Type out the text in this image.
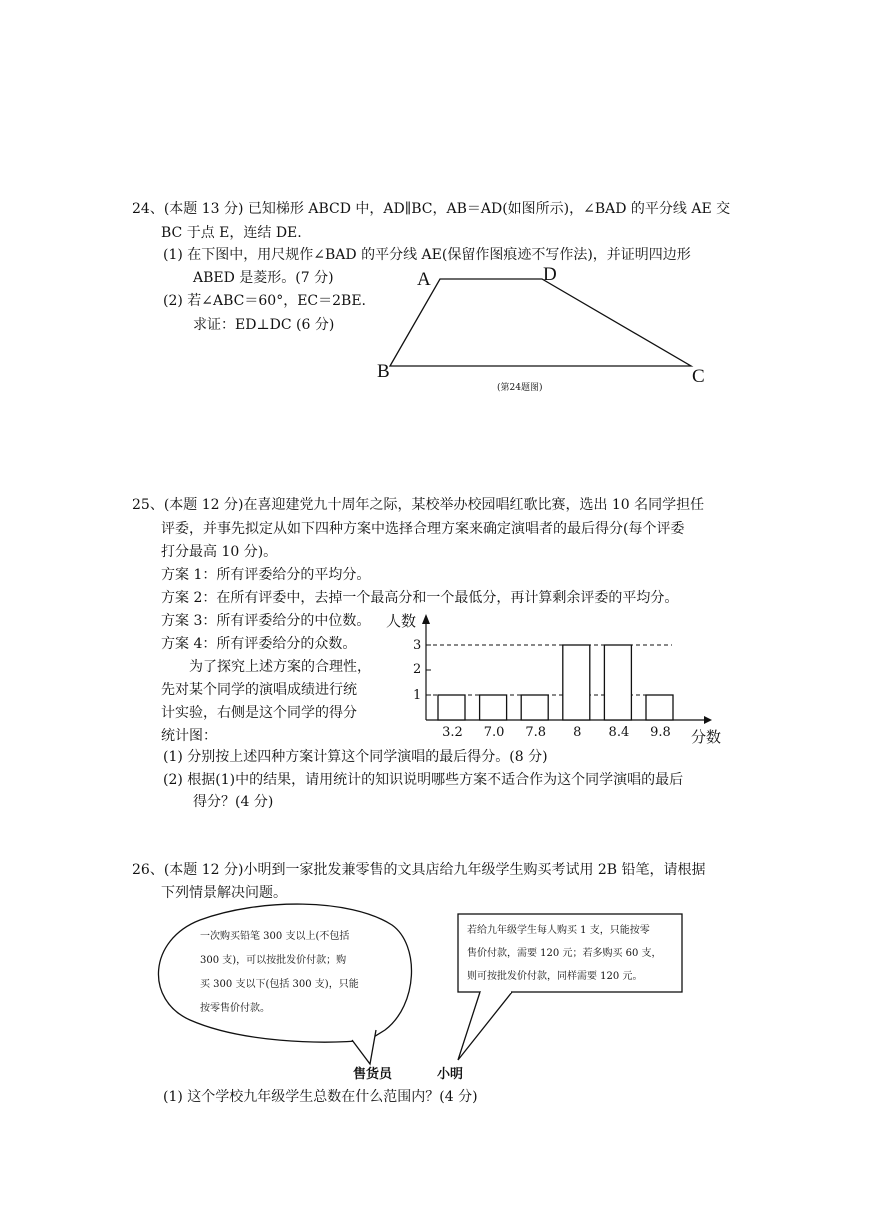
24、(本题 13 分) 已知梯形 ABCD 中，AD∥BC，AB＝AD(如图所示)，∠BAD 的平分线 AE 交
BC 于点 E，连结 DE.
(1) 在下图中，用尺规作∠BAD 的平分线 AE(保留作图痕迹不写作法)，并证明四边形
ABED 是菱形。(7 分)
(2) 若∠ABC＝60°，EC＝2BE.
求证：ED⊥DC (6 分)
A	D
B	C
(第24题图)
25、(本题 12 分)在喜迎建党九十周年之际，某校举办校园唱红歌比赛，选出 10 名同学担任
评委，并事先拟定从如下四种方案中选择合理方案来确定演唱者的最后得分(每个评委
打分最高 10 分)。
方案 1：所有评委给分的平均分。
方案 2：在所有评委中，去掉一个最高分和一个最低分，再计算剩余评委的平均分。
方案 3：所有评委给分的中位数。
方案 4：所有评委给分的众数。
为了探究上述方案的合理性，
先对某个同学的演唱成绩进行统
计实验，右侧是这个同学的得分
统计图：
(1) 分别按上述四种方案计算这个同学演唱的最后得分。(8 分)
(2) 根据(1)中的结果，请用统计的知识说明哪些方案不适合作为这个同学演唱的最后
得分？(4 分)
人数
分数
3
2
1
3.2 7.0 7.8	8	8.4 9.8
26、(本题 12 分)小明到一家批发兼零售的文具店给九年级学生购买考试用 2B 铅笔，请根据
下列情景解决问题。
一次购买铅笔 300 支以上(不包括
300 支)，可以按批发价付款；购
买 300 支以下(包括 300 支)，只能
按零售价付款。
若给九年级学生每人购买 1 支，只能按零
售价付款，需要 120 元；若多购买 60 支，
则可按批发价付款，同样需要 120 元。
售货员	小明
(1) 这个学校九年级学生总数在什么范围内？(4 分)
